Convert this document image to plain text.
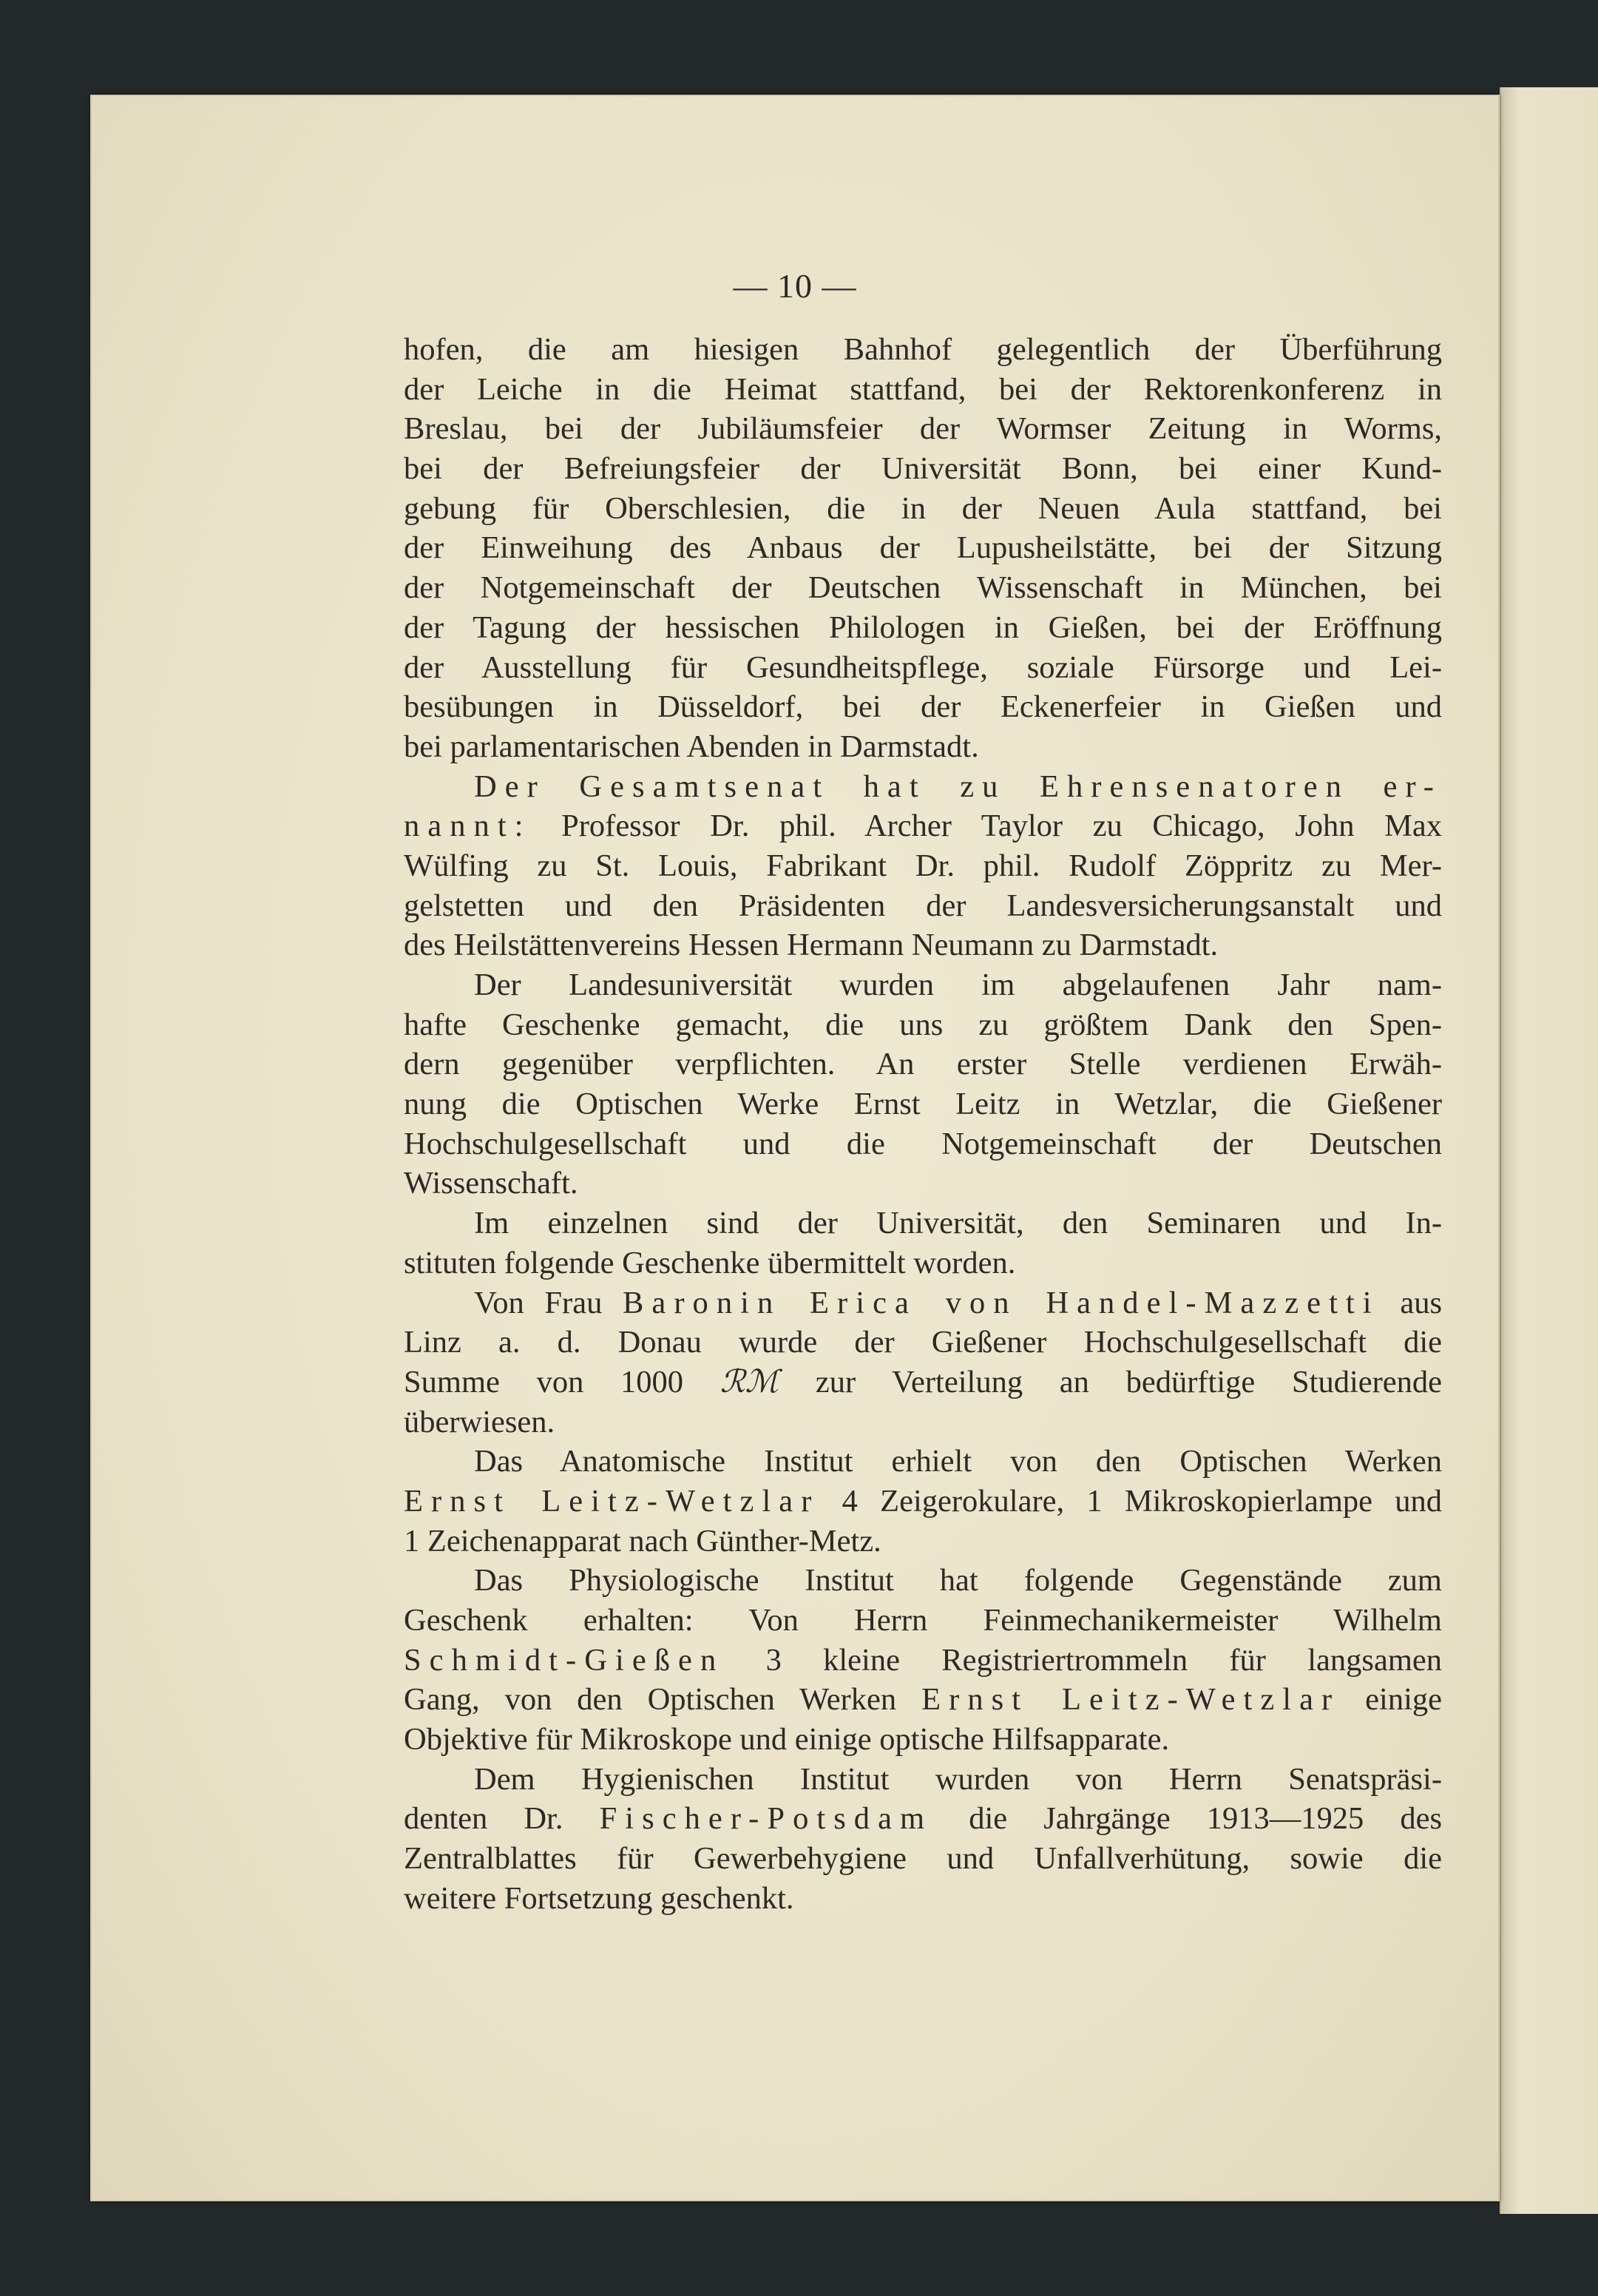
— 10 —
hofen, die am hiesigen Bahnhof gelegentlich der Überführung
der Leiche in die Heimat stattfand, bei der Rektorenkonferenz in
Breslau, bei der Jubiläumsfeier der Wormser Zeitung in Worms,
bei der Befreiungsfeier der Universität Bonn, bei einer Kund-
gebung für Oberschlesien, die in der Neuen Aula stattfand, bei
der Einweihung des Anbaus der Lupusheilstätte, bei der Sitzung
der Notgemeinschaft der Deutschen Wissenschaft in München, bei
der Tagung der hessischen Philologen in Gießen, bei der Eröffnung
der Ausstellung für Gesundheitspflege, soziale Fürsorge und Lei-
besübungen in Düsseldorf, bei der Eckenerfeier in Gießen und
bei parlamentarischen Abenden in Darmstadt.
Der Gesamtsenat hat zu Ehrensenatoren er-
nannt: Professor Dr. phil. Archer Taylor zu Chicago, John Max
Wülfing zu St. Louis, Fabrikant Dr. phil. Rudolf Zöppritz zu Mer-
gelstetten und den Präsidenten der Landesversicherungsanstalt und
des Heilstättenvereins Hessen Hermann Neumann zu Darmstadt.
Der Landesuniversität wurden im abgelaufenen Jahr nam-
hafte Geschenke gemacht, die uns zu größtem Dank den Spen-
dern gegenüber verpflichten. An erster Stelle verdienen Erwäh-
nung die Optischen Werke Ernst Leitz in Wetzlar, die Gießener
Hochschulgesellschaft und die Notgemeinschaft der Deutschen
Wissenschaft.
Im einzelnen sind der Universität, den Seminaren und In-
stituten folgende Geschenke übermittelt worden.
Von Frau Baronin Erica von Handel-Mazzetti aus
Linz a. d. Donau wurde der Gießener Hochschulgesellschaft die
Summe von 1000 ℛℳ zur Verteilung an bedürftige Studierende
überwiesen.
Das Anatomische Institut erhielt von den Optischen Werken
Ernst Leitz-Wetzlar 4 Zeigerokulare, 1 Mikroskopierlampe und
1 Zeichenapparat nach Günther-Metz.
Das Physiologische Institut hat folgende Gegenstände zum
Geschenk erhalten: Von Herrn Feinmechanikermeister Wilhelm
Schmidt-Gießen 3 kleine Registriertrommeln für langsamen
Gang, von den Optischen Werken Ernst Leitz-Wetzlar einige
Objektive für Mikroskope und einige optische Hilfsapparate.
Dem Hygienischen Institut wurden von Herrn Senatspräsi-
denten Dr. Fischer-Potsdam die Jahrgänge 1913—1925 des
Zentralblattes für Gewerbehygiene und Unfallverhütung, sowie die
weitere Fortsetzung geschenkt.
